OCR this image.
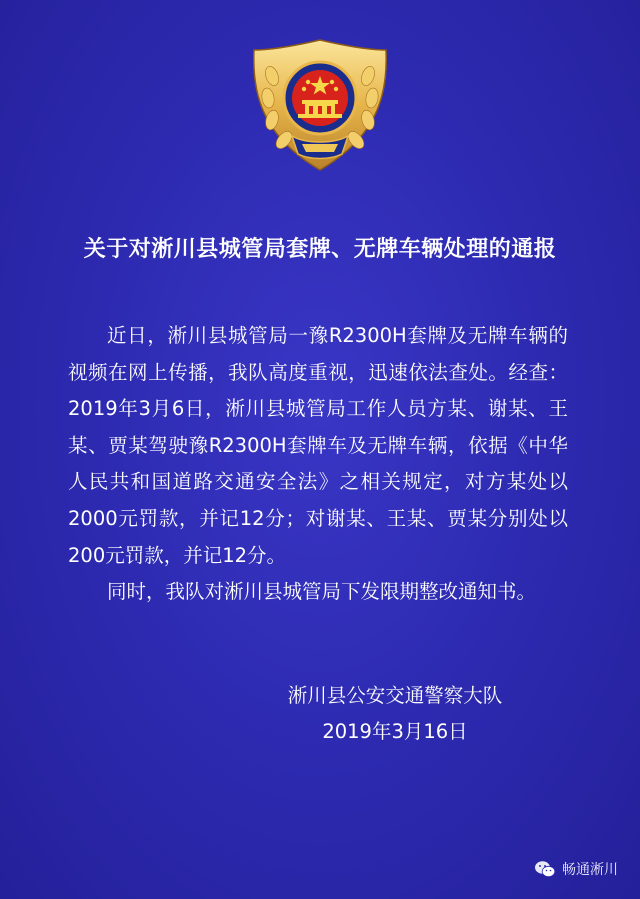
关于对淅川县城管局套牌、无牌车辆处理的通报

近日，淅川县城管局一豫R2300H套牌及无牌车辆的视频在网上传播，我队高度重视，迅速依法查处。经查：2019年3月6日，淅川县城管局工作人员方某、谢某、王某、贾某驾驶豫R2300H套牌车及无牌车辆，依据《中华人民共和国道路交通安全法》之相关规定，对方某处以2000元罚款，并记12分；对谢某、王某、贾某分别处以200元罚款，并记12分。

同时，我队对淅川县城管局下发限期整改通知书。

淅川县公安交通警察大队
2019年3月16日
畅通淅川
